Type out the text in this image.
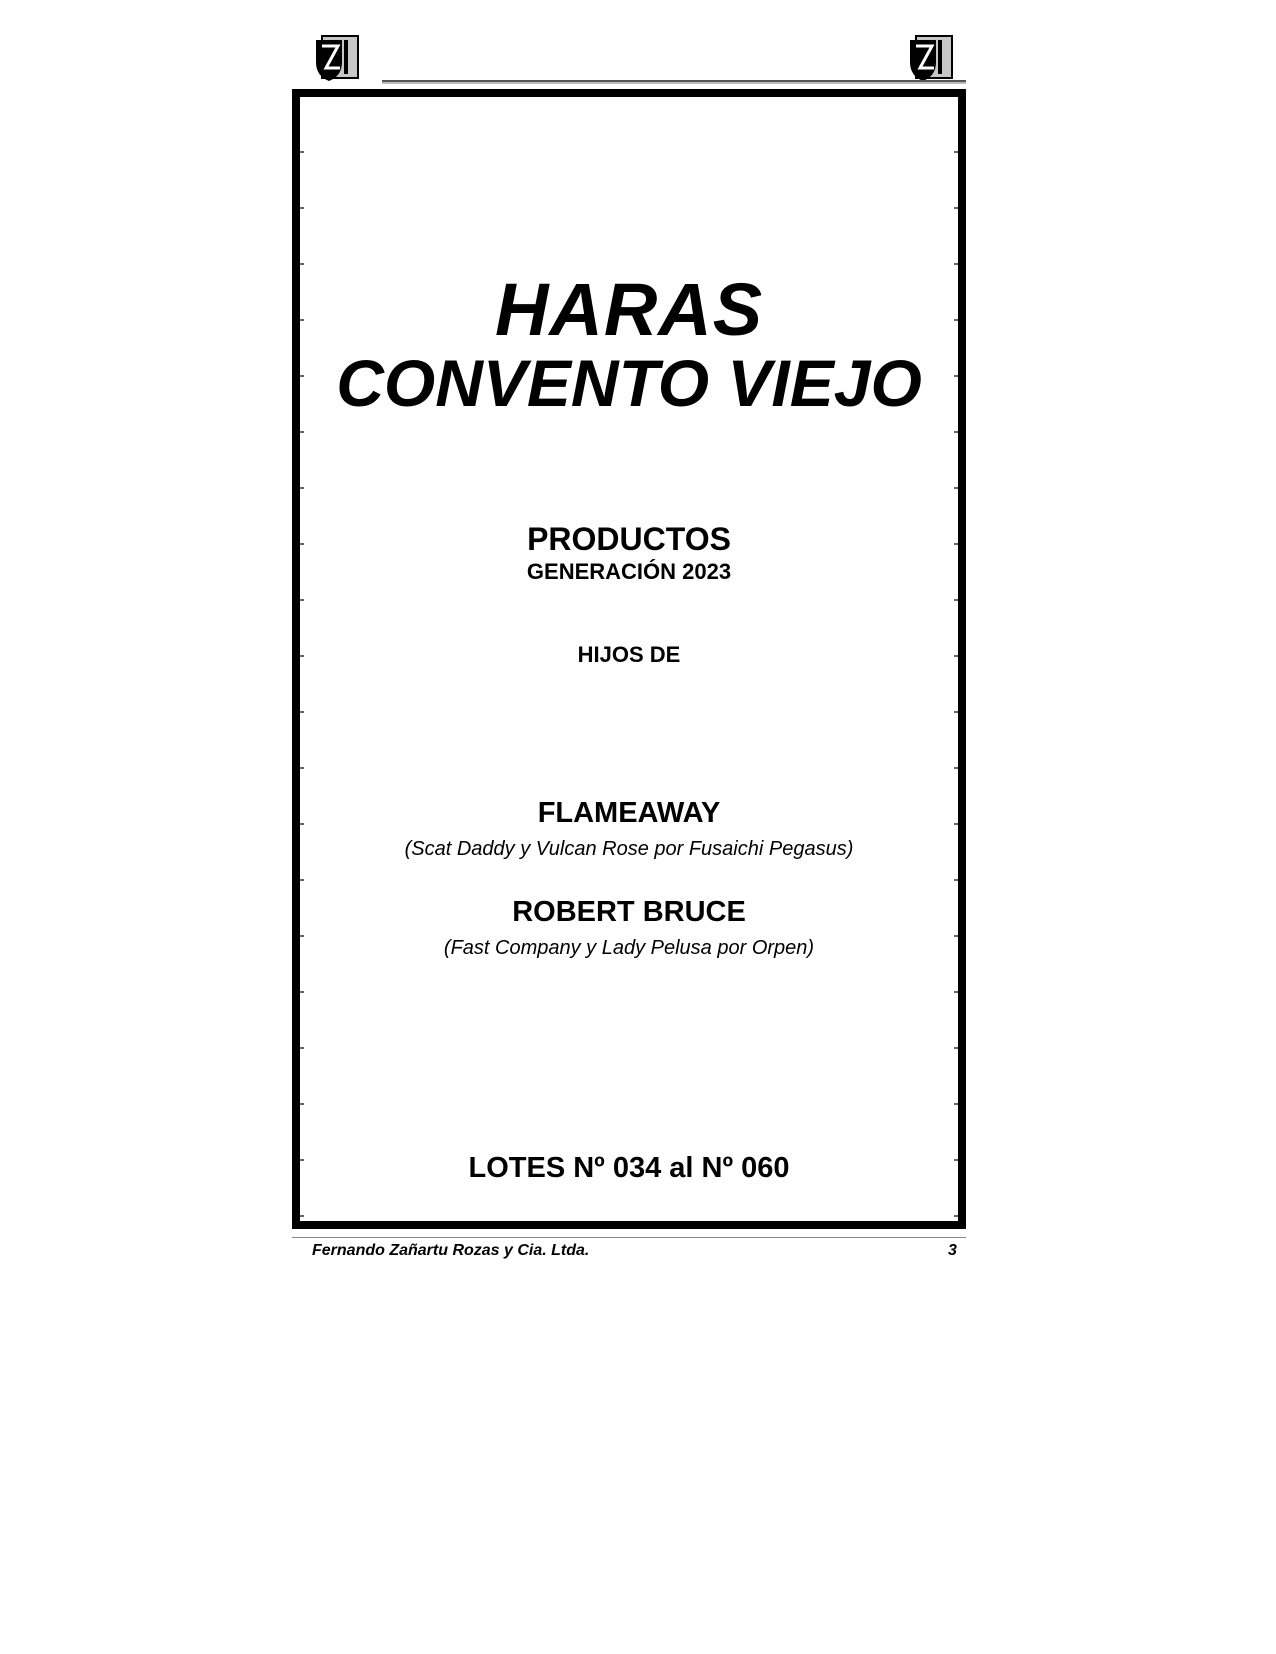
HARAS
CONVENTO VIEJO
PRODUCTOS
GENERACIÓN 2023
HIJOS DE
FLAMEAWAY
(Scat Daddy y Vulcan Rose por Fusaichi Pegasus)
ROBERT BRUCE
(Fast Company y Lady Pelusa por Orpen)
LOTES Nº 034 al Nº 060
Fernando Zañartu Rozas y Cia. Ltda.	3
